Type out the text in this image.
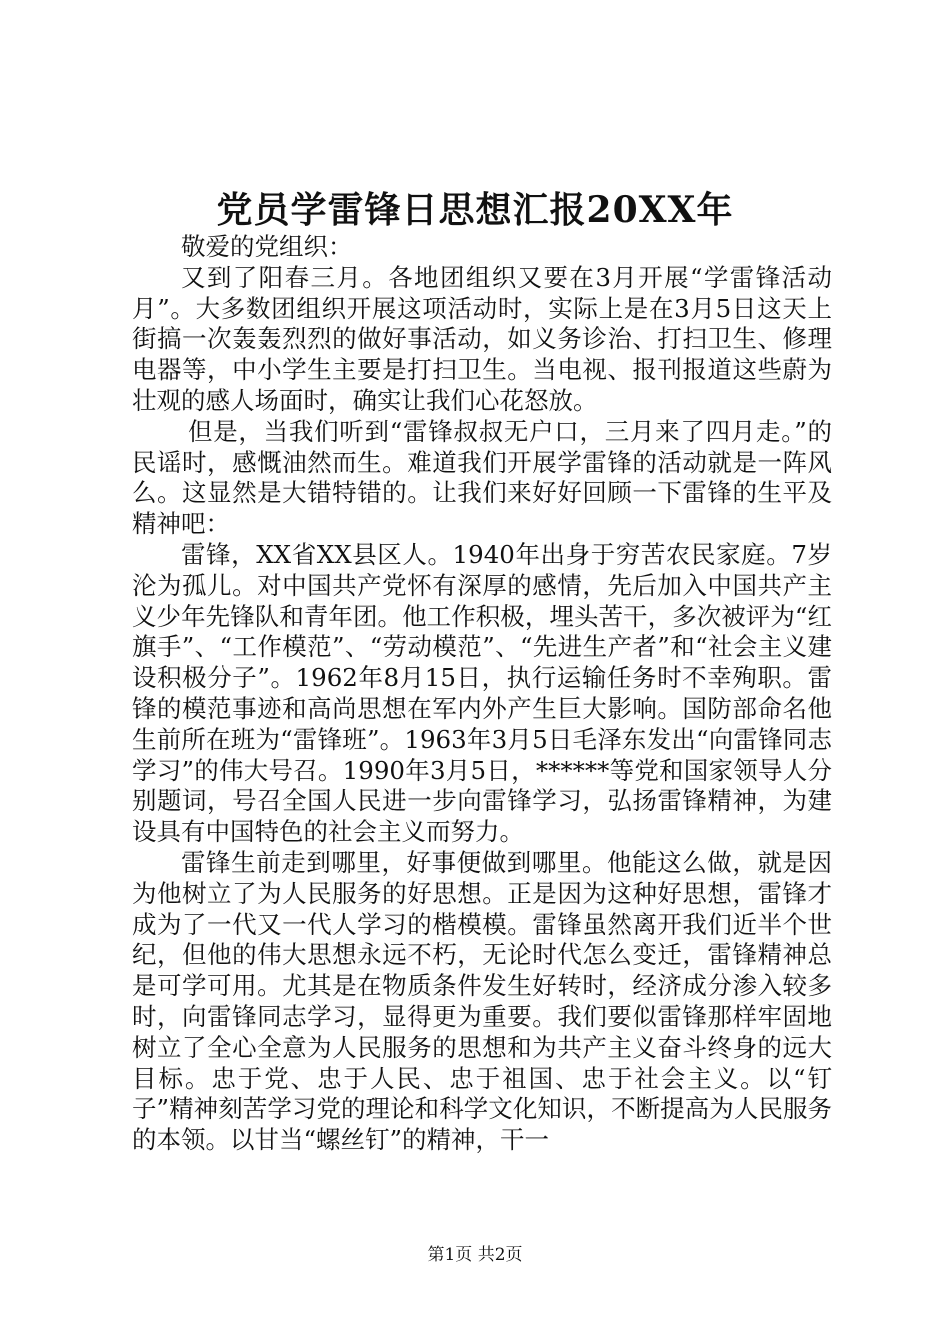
党员学雷锋日思想汇报20XX年

敬爱的党组织：

又到了阳春三月。各地团组织又要在3月开展“学雷锋活动月”。大多数团组织开展这项活动时，实际上是在3月5日这天上街搞一次轰轰烈烈的做好事活动，如义务诊治、打扫卫生、修理电器等，中小学生主要是打扫卫生。当电视、报刊报道这些蔚为壮观的感人场面时，确实让我们心花怒放。

但是，当我们听到“雷锋叔叔无户口，三月来了四月走。”的民谣时，感慨油然而生。难道我们开展学雷锋的活动就是一阵风么。这显然是大错特错的。让我们来好好回顾一下雷锋的生平及精神吧：

雷锋，XX省XX县区人。1940年出身于穷苦农民家庭。7岁沦为孤儿。对中国共产党怀有深厚的感情，先后加入中国共产主义少年先锋队和青年团。他工作积极，埋头苦干，多次被评为“红旗手”、“工作模范”、“劳动模范”、“先进生产者”和“社会主义建设积极分子”。1962年8月15日，执行运输任务时不幸殉职。雷锋的模范事迹和高尚思想在军内外产生巨大影响。国防部命名他生前所在班为“雷锋班”。1963年3月5日毛泽东发出“向雷锋同志学习”的伟大号召。1990年3月5日，******等党和国家领导人分别题词，号召全国人民进一步向雷锋学习，弘扬雷锋精神，为建设具有中国特色的社会主义而努力。

雷锋生前走到哪里，好事便做到哪里。他能这么做，就是因为他树立了为人民服务的好思想。正是因为这种好思想，雷锋才成为了一代又一代人学习的楷模模。雷锋虽然离开我们近半个世纪，但他的伟大思想永远不朽，无论时代怎么变迁，雷锋精神总是可学可用。尤其是在物质条件发生好转时，经济成分渗入较多时，向雷锋同志学习，显得更为重要。我们要似雷锋那样牢固地树立了全心全意为人民服务的思想和为共产主义奋斗终身的远大目标。忠于党、忠于人民、忠于祖国、忠于社会主义。以“钉子”精神刻苦学习党的理论和科学文化知识，不断提高为人民服务的本领。以甘当“螺丝钉”的精神，干一

第1页 共2页
